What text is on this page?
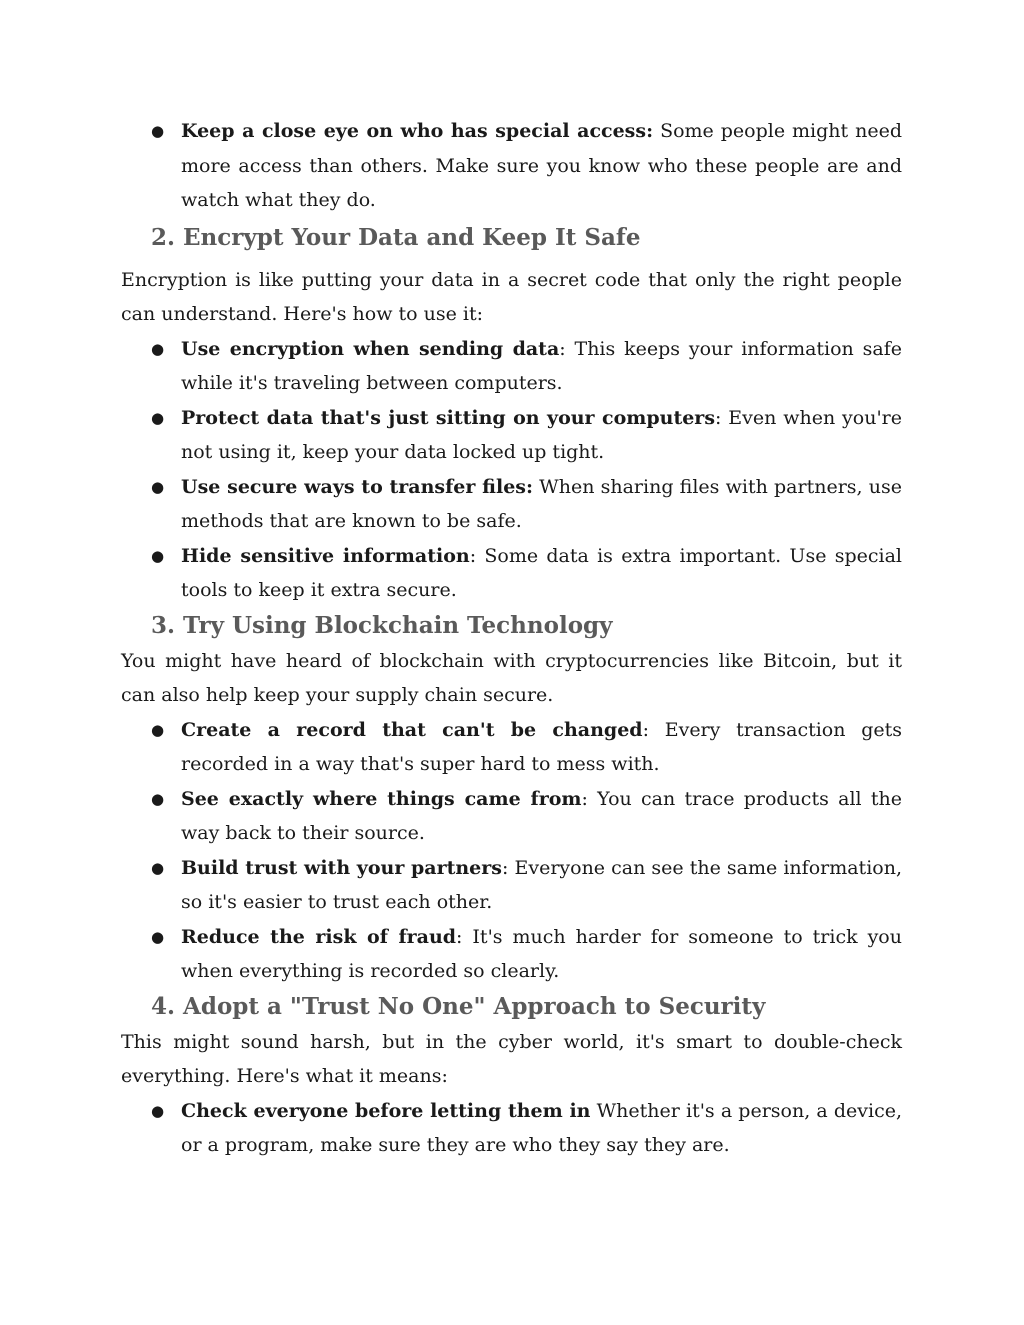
● Keep a close eye on who has special access: Some people might need more access than others. Make sure you know who these people are and watch what they do.
2. Encrypt Your Data and Keep It Safe

Encryption is like putting your data in a secret code that only the right people can understand. Here's how to use it:

● Use encryption when sending data: This keeps your information safe while it's traveling between computers.
● Protect data that's just sitting on your computers: Even when you're not using it, keep your data locked up tight.
● Use secure ways to transfer files: When sharing files with partners, use methods that are known to be safe.
● Hide sensitive information: Some data is extra important. Use special tools to keep it extra secure.
3. Try Using Blockchain Technology

You might have heard of blockchain with cryptocurrencies like Bitcoin, but it can also help keep your supply chain secure.

● Create a record that can't be changed: Every transaction gets recorded in a way that's super hard to mess with.
● See exactly where things came from: You can trace products all the way back to their source.
● Build trust with your partners: Everyone can see the same information, so it's easier to trust each other.
● Reduce the risk of fraud: It's much harder for someone to trick you when everything is recorded so clearly.
4. Adopt a "Trust No One" Approach to Security

This might sound harsh, but in the cyber world, it's smart to double-check everything. Here's what it means:

● Check everyone before letting them in Whether it's a person, a device, or a program, make sure they are who they say they are.
